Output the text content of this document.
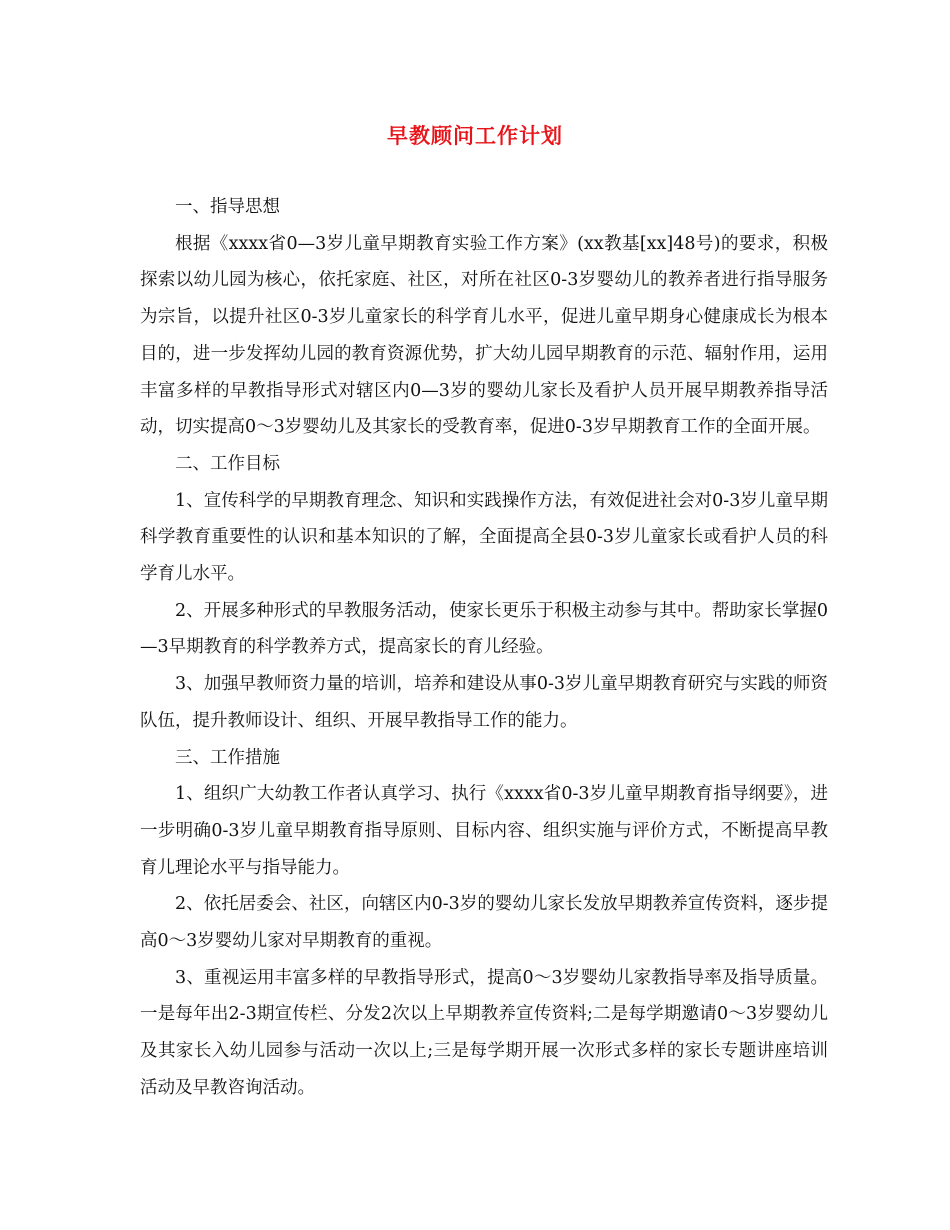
早教顾问工作计划

一、指导思想

根据《xxxx省0—3岁儿童早期教育实验工作方案》(xx教基[xx]48号)的要求，积极探索以幼儿园为核心，依托家庭、社区，对所在社区0-3岁婴幼儿的教养者进行指导服务为宗旨，以提升社区0-3岁儿童家长的科学育儿水平，促进儿童早期身心健康成长为根本目的，进一步发挥幼儿园的教育资源优势，扩大幼儿园早期教育的示范、辐射作用，运用丰富多样的早教指导形式对辖区内0—3岁的婴幼儿家长及看护人员开展早期教养指导活动，切实提高0～3岁婴幼儿及其家长的受教育率，促进0-3岁早期教育工作的全面开展。

二、工作目标

1、宣传科学的早期教育理念、知识和实践操作方法，有效促进社会对0-3岁儿童早期科学教育重要性的认识和基本知识的了解，全面提高全县0-3岁儿童家长或看护人员的科学育儿水平。

2、开展多种形式的早教服务活动，使家长更乐于积极主动参与其中。帮助家长掌握0—3早期教育的科学教养方式，提高家长的育儿经验。

3、加强早教师资力量的培训，培养和建设从事0-3岁儿童早期教育研究与实践的师资队伍，提升教师设计、组织、开展早教指导工作的能力。

三、工作措施

1、组织广大幼教工作者认真学习、执行《xxxx省0-3岁儿童早期教育指导纲要》，进一步明确0-3岁儿童早期教育指导原则、目标内容、组织实施与评价方式，不断提高早教育儿理论水平与指导能力。

2、依托居委会、社区，向辖区内0-3岁的婴幼儿家长发放早期教养宣传资料，逐步提高0～3岁婴幼儿家对早期教育的重视。

3、重视运用丰富多样的早教指导形式，提高0～3岁婴幼儿家教指导率及指导质量。一是每年出2-3期宣传栏、分发2次以上早期教养宣传资料;二是每学期邀请0～3岁婴幼儿及其家长入幼儿园参与活动一次以上;三是每学期开展一次形式多样的家长专题讲座培训活动及早教咨询活动。
